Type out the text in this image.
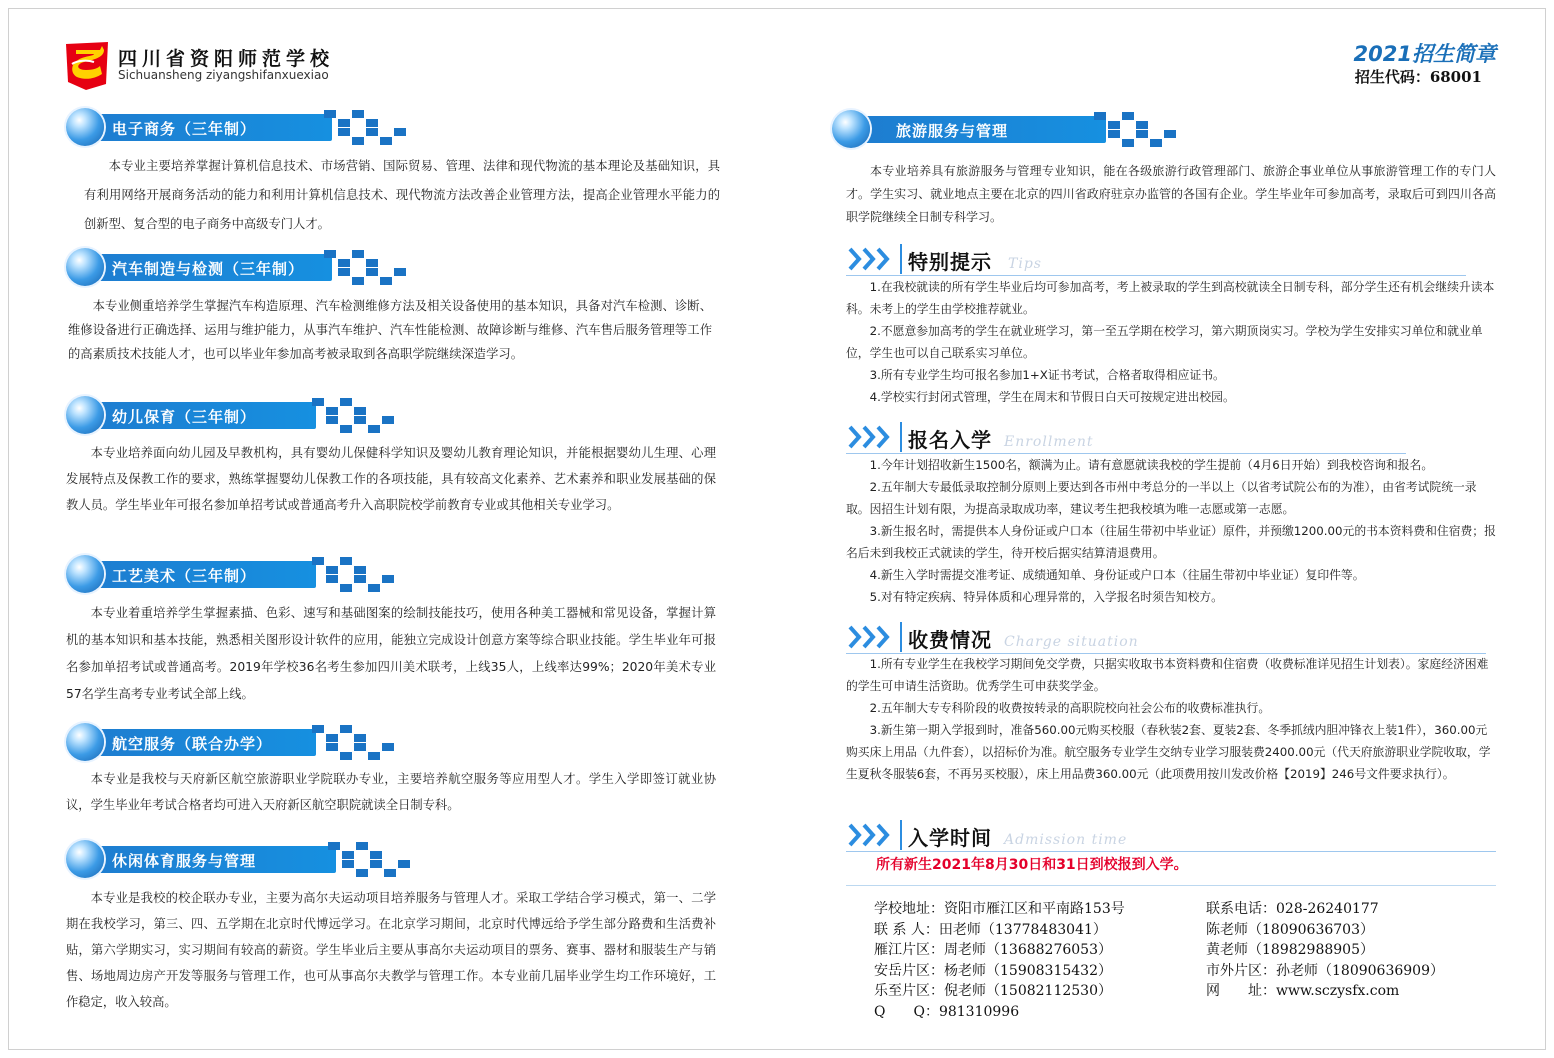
四川省资阳师范学校
Sichuansheng ziyangshifanxuexiao
2021招生简章
招生代码：68001
电子商务（三年制）

本专业主要培养掌握计算机信息技术、市场营销、国际贸易、管理、法律和现代物流的基本理论及基础知识，具有利用网络开展商务活动的能力和利用计算机信息技术、现代物流方法改善企业管理方法，提高企业管理水平能力的创新型、复合型的电子商务中高级专门人才。

汽车制造与检测（三年制）

本专业侧重培养学生掌握汽车构造原理、汽车检测维修方法及相关设备使用的基本知识，具备对汽车检测、诊断、维修设备进行正确选择、运用与维护能力，从事汽车维护、汽车性能检测、故障诊断与维修、汽车售后服务管理等工作的高素质技术技能人才，也可以毕业年参加高考被录取到各高职学院继续深造学习。

幼儿保育（三年制）

本专业培养面向幼儿园及早教机构，具有婴幼儿保健科学知识及婴幼儿教育理论知识，并能根据婴幼儿生理、心理发展特点及保教工作的要求，熟练掌握婴幼儿保教工作的各项技能，具有较高文化素养、艺术素养和职业发展基础的保教人员。学生毕业年可报名参加单招考试或普通高考升入高职院校学前教育专业或其他相关专业学习。

工艺美术（三年制）

本专业着重培养学生掌握素描、色彩、速写和基础图案的绘制技能技巧，使用各种美工器械和常见设备，掌握计算机的基本知识和基本技能，熟悉相关图形设计软件的应用，能独立完成设计创意方案等综合职业技能。学生毕业年可报名参加单招考试或普通高考。2019年学校36名考生参加四川美术联考，上线35人，上线率达99%；2020年美术专业57名学生高考专业考试全部上线。

航空服务（联合办学）

本专业是我校与天府新区航空旅游职业学院联办专业，主要培养航空服务等应用型人才。学生入学即签订就业协议，学生毕业年考试合格者均可进入天府新区航空职院就读全日制专科。

休闲体育服务与管理

本专业是我校的校企联办专业，主要为高尔夫运动项目培养服务与管理人才。采取工学结合学习模式，第一、二学期在我校学习，第三、四、五学期在北京时代博远学习。在北京学习期间，北京时代博远给予学生部分路费和生活费补贴，第六学期实习，实习期间有较高的薪资。学生毕业后主要从事高尔夫运动项目的票务、赛事、器材和服装生产与销售、场地周边房产开发等服务与管理工作，也可从事高尔夫教学与管理工作。本专业前几届毕业学生均工作环境好，工作稳定，收入较高。

旅游服务与管理

本专业培养具有旅游服务与管理专业知识，能在各级旅游行政管理部门、旅游企事业单位从事旅游管理工作的专门人才。学生实习、就业地点主要在北京的四川省政府驻京办监管的各国有企业。学生毕业年可参加高考，录取后可到四川各高职学院继续全日制专科学习。

特别提示 Tips

1.在我校就读的所有学生毕业后均可参加高考，考上被录取的学生到高校就读全日制专科，部分学生还有机会继续升读本科。未考上的学生由学校推荐就业。

2.不愿意参加高考的学生在就业班学习，第一至五学期在校学习，第六期顶岗实习。学校为学生安排实习单位和就业单位，学生也可以自己联系实习单位。

3.所有专业学生均可报名参加1+X证书考试，合格者取得相应证书。

4.学校实行封闭式管理，学生在周末和节假日白天可按规定进出校园。

报名入学 Enrollment

1.今年计划招收新生1500名，额满为止。请有意愿就读我校的学生提前（4月6日开始）到我校咨询和报名。

2.五年制大专最低录取控制分原则上要达到各市州中考总分的一半以上（以省考试院公布的为准），由省考试院统一录取。因招生计划有限，为提高录取成功率，建议考生把我校填为唯一志愿或第一志愿。

3.新生报名时，需提供本人身份证或户口本（往届生带初中毕业证）原件，并预缴1200.00元的书本资料费和住宿费；报名后未到我校正式就读的学生，待开校后据实结算清退费用。

4.新生入学时需提交准考证、成绩通知单、身份证或户口本（往届生带初中毕业证）复印件等。

5.对有特定疾病、特异体质和心理异常的，入学报名时须告知校方。

收费情况 Charge situation

1.所有专业学生在我校学习期间免交学费，只据实收取书本资料费和住宿费（收费标准详见招生计划表）。家庭经济困难的学生可申请生活资助。优秀学生可申获奖学金。

2.五年制大专专科阶段的收费按转录的高职院校向社会公布的收费标准执行。

3.新生第一期入学报到时，准备560.00元购买校服（春秋装2套、夏装2套、冬季抓绒内胆冲锋衣上装1件），360.00元购买床上用品（九件套），以招标价为准。航空服务专业学生交纳专业学习服装费2400.00元（代天府旅游职业学院收取，学生夏秋冬服装6套，不再另买校服），床上用品费360.00元（此项费用按川发改价格【2019】246号文件要求执行）。

入学时间 Admission time
所有新生2021年8月30日和31日到校报到入学。
学校地址：资阳市雁江区和平南路153号
联 系 人：田老师（13778483041）
雁江片区：周老师（13688276053）
安岳片区：杨老师（15908315432）
乐至片区：倪老师（15082112530）
Q　　Q：981310996
联系电话：028-26240177
陈老师（18090636703）
黄老师（18982988905）
市外片区：孙老师（18090636909）
网　　址：www.sczysfx.com
